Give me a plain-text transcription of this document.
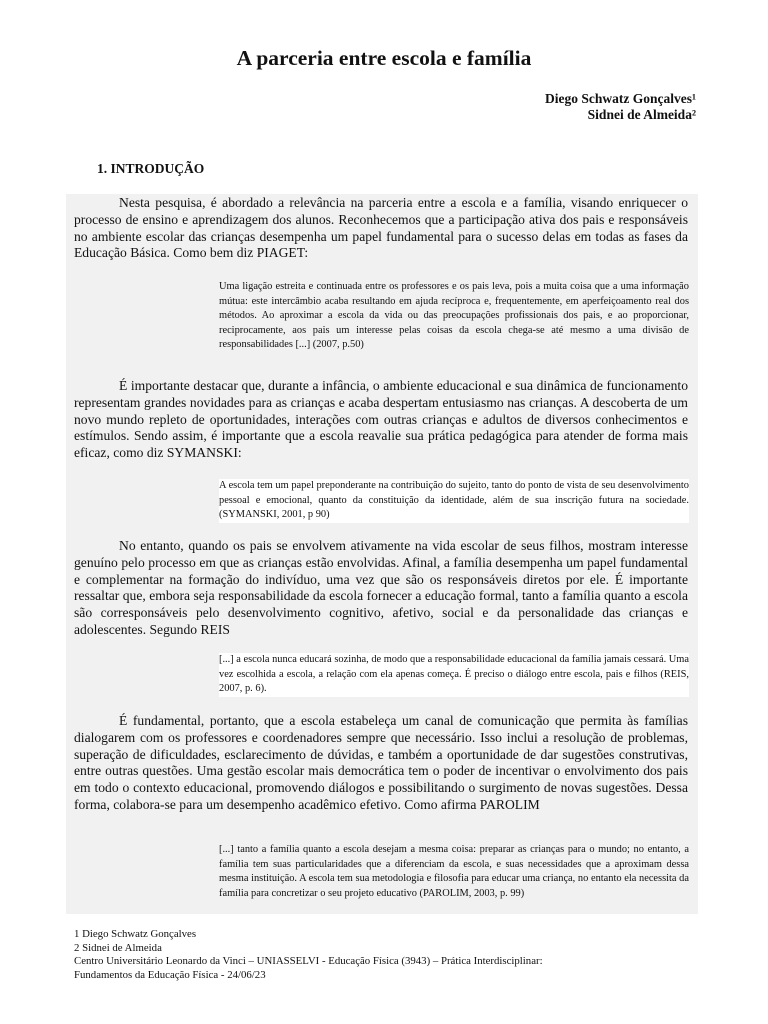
A parceria entre escola e família
Diego Schwatz Gonçalves¹
Sidnei de Almeida²
1. INTRODUÇÃO

Nesta pesquisa, é abordado a relevância na parceria entre a escola e a família, visando enriquecer o processo de ensino e aprendizagem dos alunos. Reconhecemos que a participação ativa dos pais e responsáveis no ambiente escolar das crianças desempenha um papel fundamental para o sucesso delas em todas as fases da Educação Básica. Como bem diz PIAGET:

Uma ligação estreita e continuada entre os professores e os pais leva, pois a muita coisa que a uma informação mútua: este intercâmbio acaba resultando em ajuda recíproca e, frequentemente, em aperfeiçoamento real dos métodos. Ao aproximar a escola da vida ou das preocupações profissionais dos pais, e ao proporcionar, reciprocamente, aos pais um interesse pelas coisas da escola chega-se até mesmo a uma divisão de responsabilidades [...] (2007, p.50)

É importante destacar que, durante a infância, o ambiente educacional e sua dinâmica de funcionamento representam grandes novidades para as crianças e acaba despertam entusiasmo nas crianças. A descoberta de um novo mundo repleto de oportunidades, interações com outras crianças e adultos de diversos conhecimentos e estímulos. Sendo assim, é importante que a escola reavalie sua prática pedagógica para atender de forma mais eficaz, como diz SYMANSKI:

A escola tem um papel preponderante na contribuição do sujeito, tanto do ponto de vista de seu desenvolvimento pessoal e emocional, quanto da constituição da identidade, além de sua inscrição futura na sociedade. (SYMANSKI, 2001, p 90)

No entanto, quando os pais se envolvem ativamente na vida escolar de seus filhos, mostram interesse genuíno pelo processo em que as crianças estão envolvidas. Afinal, a família desempenha um papel fundamental e complementar na formação do indivíduo, uma vez que são os responsáveis diretos por ele. É importante ressaltar que, embora seja responsabilidade da escola fornecer a educação formal, tanto a família quanto a escola são corresponsáveis pelo desenvolvimento cognitivo, afetivo, social e da personalidade das crianças e adolescentes. Segundo REIS

[...] a escola nunca educará sozinha, de modo que a responsabilidade educacional da família jamais cessará. Uma vez escolhida a escola, a relação com ela apenas começa. É preciso o diálogo entre escola, pais e filhos (REIS, 2007, p. 6).

É fundamental, portanto, que a escola estabeleça um canal de comunicação que permita às famílias dialogarem com os professores e coordenadores sempre que necessário. Isso inclui a resolução de problemas, superação de dificuldades, esclarecimento de dúvidas, e também a oportunidade de dar sugestões construtivas, entre outras questões. Uma gestão escolar mais democrática tem o poder de incentivar o envolvimento dos pais em todo o contexto educacional, promovendo diálogos e possibilitando o surgimento de novas sugestões. Dessa forma, colabora-se para um desempenho acadêmico efetivo. Como afirma PAROLIM

[...] tanto a família quanto a escola desejam a mesma coisa: preparar as crianças para o mundo; no entanto, a família tem suas particularidades que a diferenciam da escola, e suas necessidades que a aproximam dessa mesma instituição. A escola tem sua metodologia e filosofia para educar uma criança, no entanto ela necessita da família para concretizar o seu projeto educativo (PAROLIM, 2003, p. 99)

1 Diego Schwatz Gonçalves
2 Sidnei de Almeida
Centro Universitário Leonardo da Vinci – UNIASSELVI - Educação Física (3943) – Prática Interdisciplinar:
Fundamentos da Educação Física - 24/06/23
